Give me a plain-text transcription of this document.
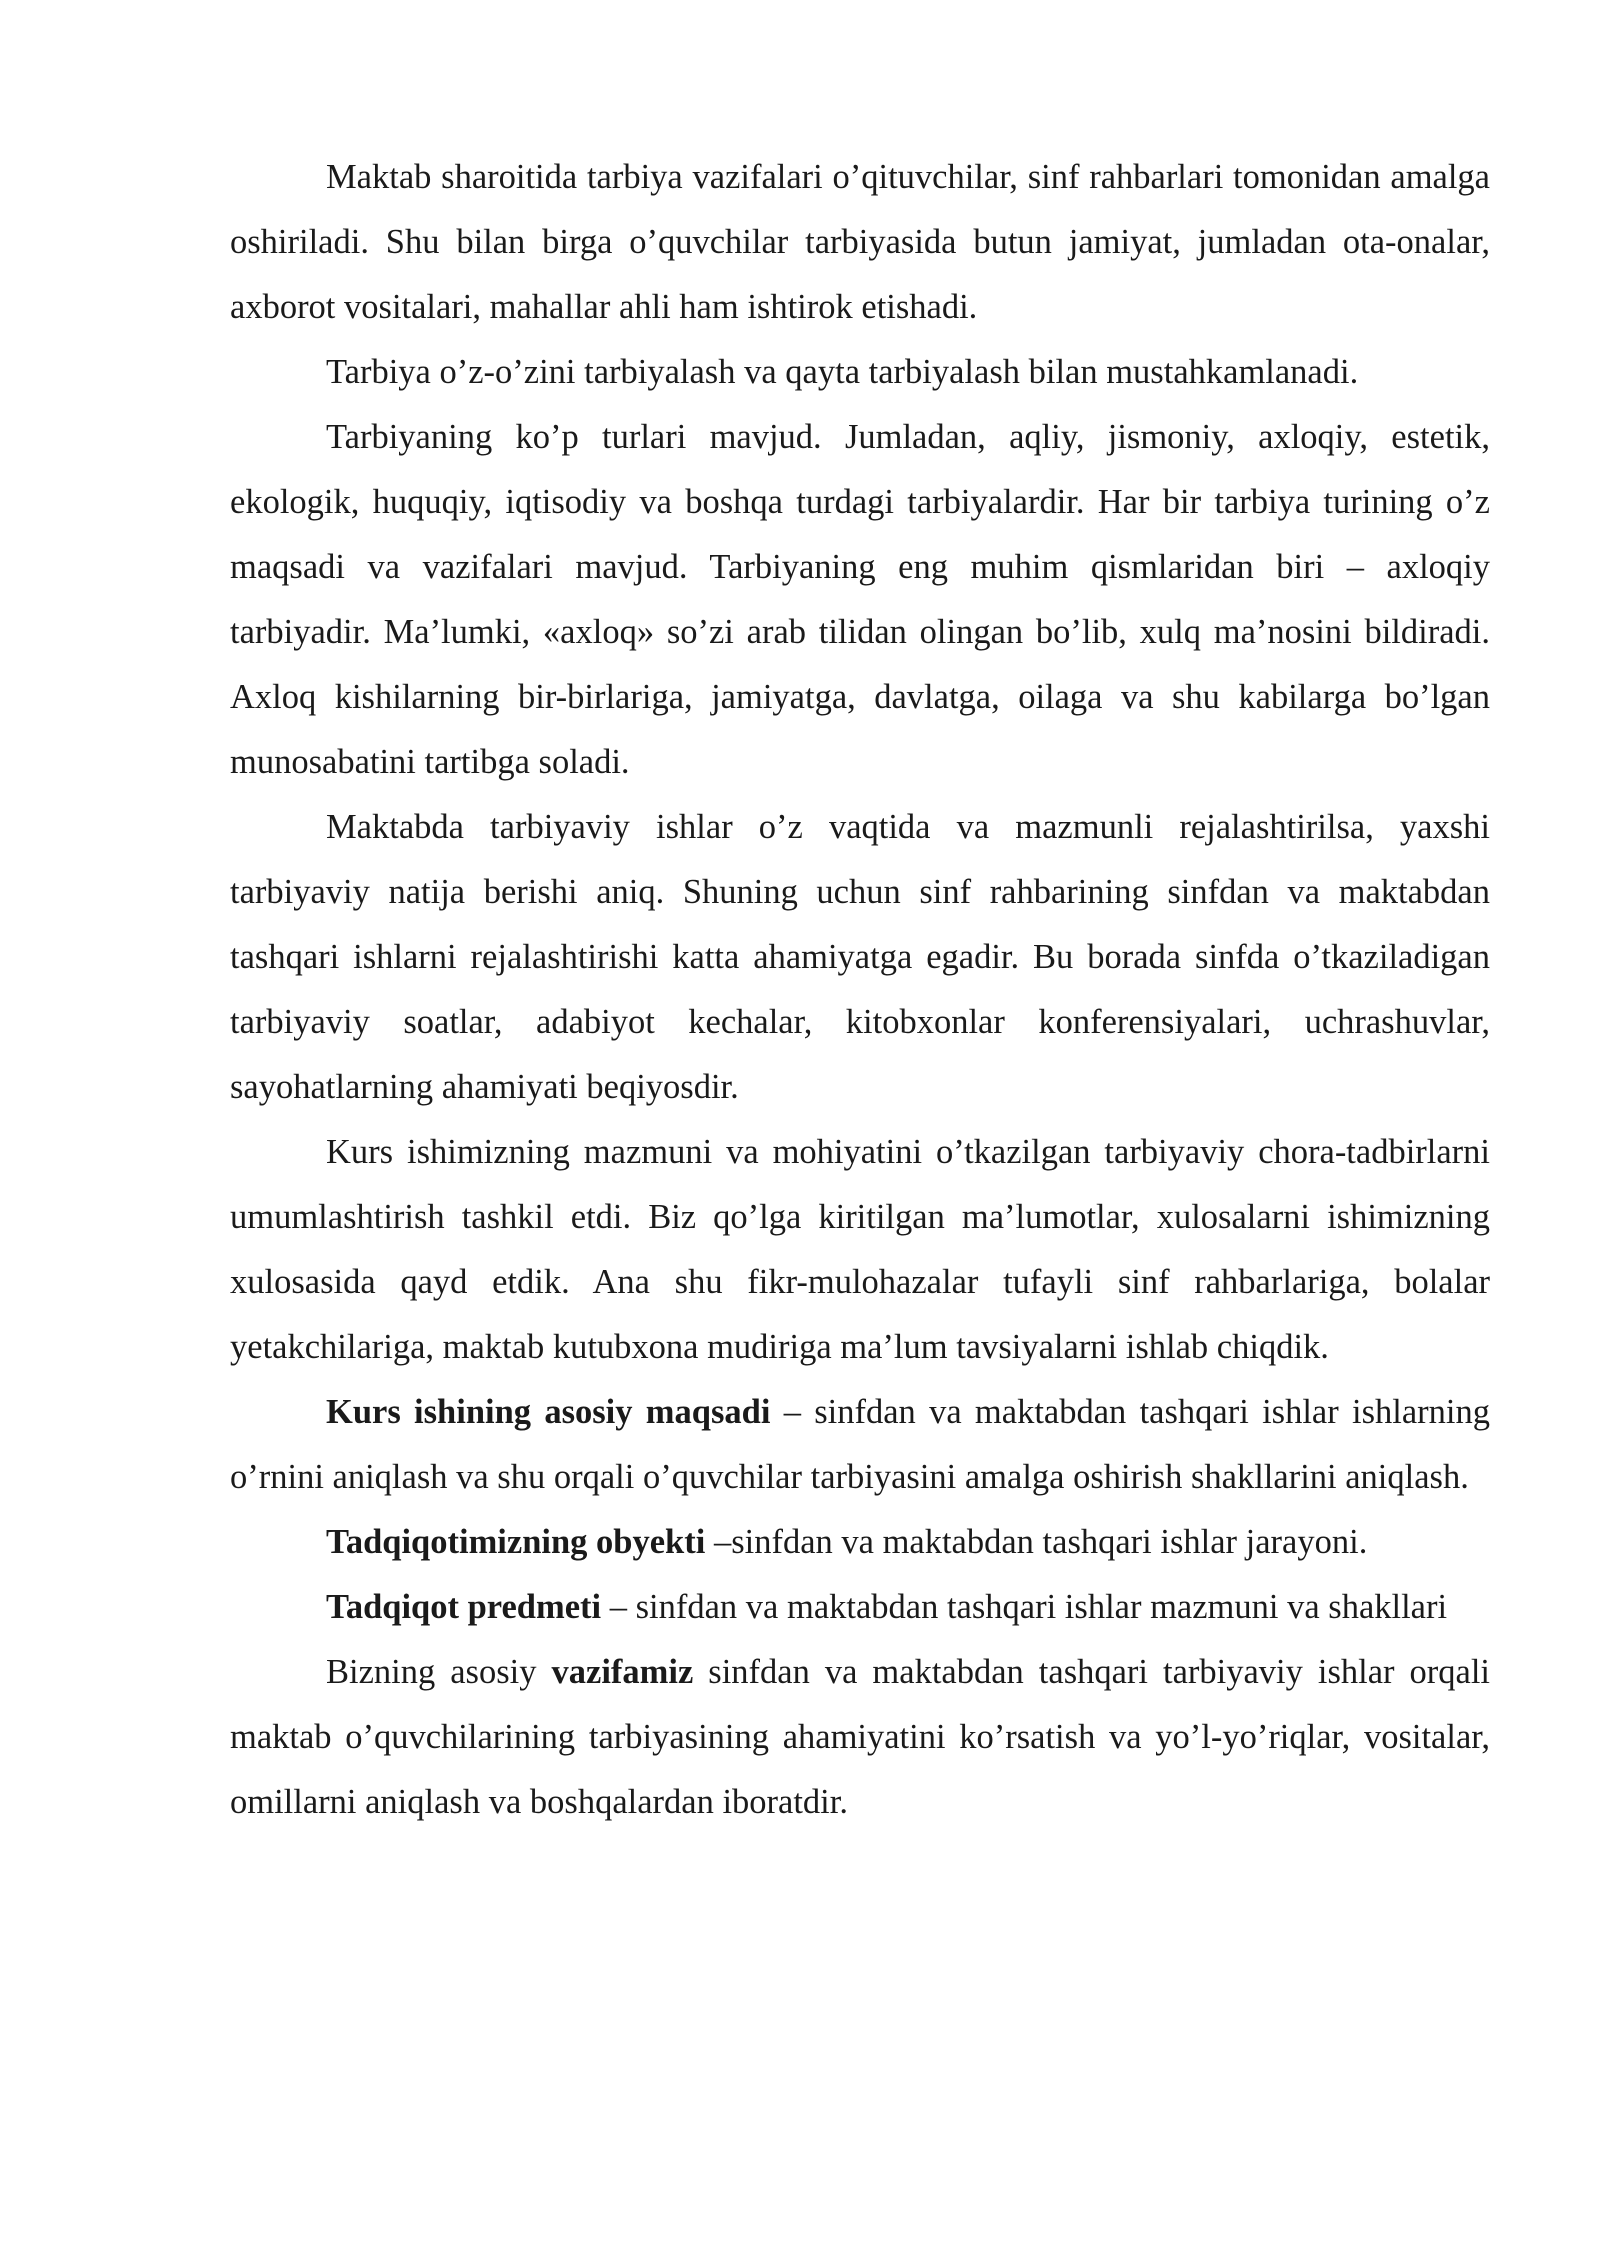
Maktab sharoitida tarbiya vazifalari o’qituvchilar, sinf rahbarlari tomonidan amalga oshiriladi. Shu bilan birga o’quvchilar tarbiyasida butun jamiyat, jumladan ota-onalar, axborot vositalari, mahallar ahli ham ishtirok etishadi.

Tarbiya o’z-o’zini tarbiyalash va qayta tarbiyalash bilan mustahkamlanadi.

Tarbiyaning ko’p turlari mavjud. Jumladan, aqliy, jismoniy, axloqiy, estetik, ekologik, huquqiy, iqtisodiy va boshqa turdagi tarbiyalardir. Har bir tarbiya turining o’z maqsadi va vazifalari mavjud. Tarbiyaning eng muhim qismlaridan biri – axloqiy tarbiyadir. Ma’lumki, «axloq» so’zi arab tilidan olingan bo’lib, xulq ma’nosini bildiradi. Axloq kishilarning bir-birlariga, jamiyatga, davlatga, oilaga va shu kabilarga bo’lgan munosabatini tartibga soladi.

Maktabda tarbiyaviy ishlar o’z vaqtida va mazmunli rejalashtirilsa, yaxshi tarbiyaviy natija berishi aniq. Shuning uchun sinf rahbarining sinfdan va maktabdan tashqari ishlarni rejalashtirishi katta ahamiyatga egadir. Bu borada sinfda o’tkaziladigan tarbiyaviy soatlar, adabiyot kechalar, kitobxonlar konferensiyalari, uchrashuvlar, sayohatlarning ahamiyati beqiyosdir.

Kurs ishimizning mazmuni va mohiyatini o’tkazilgan tarbiyaviy chora-tadbirlarni umumlashtirish tashkil etdi. Biz qo’lga kiritilgan ma’lumotlar, xulosalarni ishimizning xulosasida qayd etdik. Ana shu fikr-mulohazalar tufayli sinf rahbarlariga, bolalar yetakchilariga, maktab kutubxona mudiriga ma’lum tavsiyalarni ishlab chiqdik.

Kurs ishining asosiy maqsadi – sinfdan va maktabdan tashqari ishlar ishlarning o’rnini aniqlash va shu orqali o’quvchilar tarbiyasini amalga oshirish shakllarini aniqlash.

Tadqiqotimizning obyekti –sinfdan va maktabdan tashqari ishlar jarayoni.

Tadqiqot predmeti – sinfdan va maktabdan tashqari ishlar mazmuni va shakllari

Bizning asosiy vazifamiz sinfdan va maktabdan tashqari tarbiyaviy ishlar orqali maktab o’quvchilarining tarbiyasining ahamiyatini ko’rsatish va yo’l-yo’riqlar, vositalar, omillarni aniqlash va boshqalardan iboratdir.
